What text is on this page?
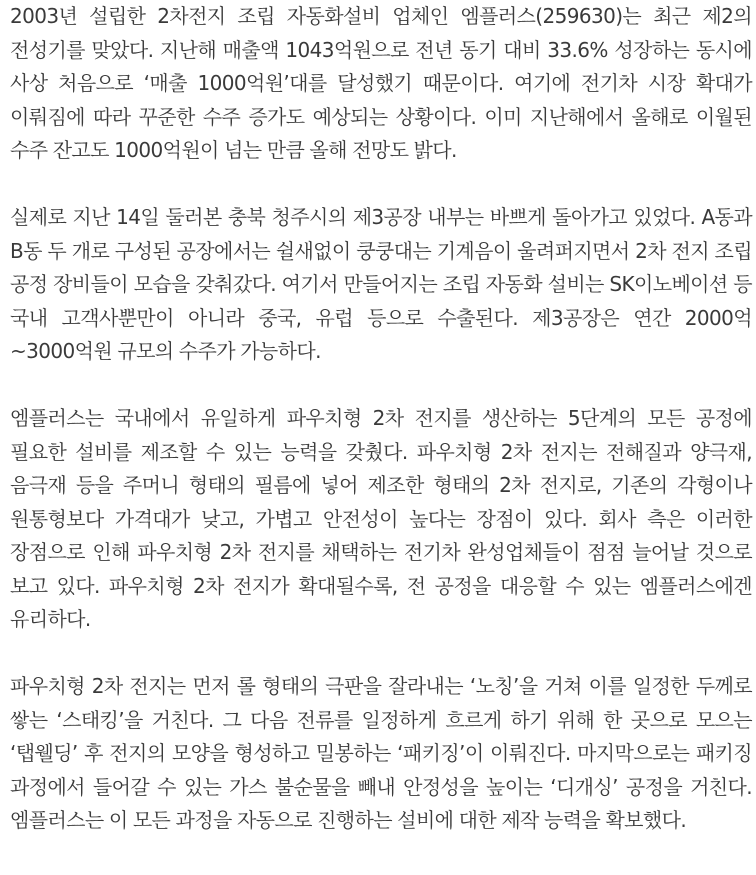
2003년 설립한 2차전지 조립 자동화설비 업체인 엠플러스(259630)는 최근 제2의 전성기를 맞았다. 지난해 매출액 1043억원으로 전년 동기 대비 33.6% 성장하는 동시에 사상 처음으로 ‘매출 1000억원’대를 달성했기 때문이다. 여기에 전기차 시장 확대가 이뤄짐에 따라 꾸준한 수주 증가도 예상되는 상황이다. 이미 지난해에서 올해로 이월된 수주 잔고도 1000억원이 넘는 만큼 올해 전망도 밝다.

실제로 지난 14일 둘러본 충북 청주시의 제3공장 내부는 바쁘게 돌아가고 있었다. A동과 B동 두 개로 구성된 공장에서는 쉴새없이 쿵쿵대는 기계음이 울려퍼지면서 2차 전지 조립 공정 장비들이 모습을 갖춰갔다. 여기서 만들어지는 조립 자동화 설비는 SK이노베이션 등 국내 고객사뿐만이 아니라 중국, 유럽 등으로 수출된다. 제3공장은 연간 2000억~3000억원 규모의 수주가 가능하다.

엠플러스는 국내에서 유일하게 파우치형 2차 전지를 생산하는 5단계의 모든 공정에 필요한 설비를 제조할 수 있는 능력을 갖췄다. 파우치형 2차 전지는 전해질과 양극재, 음극재 등을 주머니 형태의 필름에 넣어 제조한 형태의 2차 전지로, 기존의 각형이나 원통형보다 가격대가 낮고, 가볍고 안전성이 높다는 장점이 있다. 회사 측은 이러한 장점으로 인해 파우치형 2차 전지를 채택하는 전기차 완성업체들이 점점 늘어날 것으로 보고 있다. 파우치형 2차 전지가 확대될수록, 전 공정을 대응할 수 있는 엠플러스에겐 유리하다.

파우치형 2차 전지는 먼저 롤 형태의 극판을 잘라내는 ‘노칭’을 거쳐 이를 일정한 두께로 쌓는 ‘스태킹’을 거친다. 그 다음 전류를 일정하게 흐르게 하기 위해 한 곳으로 모으는 ‘탭웰딩’ 후 전지의 모양을 형성하고 밀봉하는 ‘패키징’이 이뤄진다. 마지막으로는 패키징 과정에서 들어갈 수 있는 가스 불순물을 빼내 안정성을 높이는 ‘디개싱’ 공정을 거친다. 엠플러스는 이 모든 과정을 자동으로 진행하는 설비에 대한 제작 능력을 확보했다.
